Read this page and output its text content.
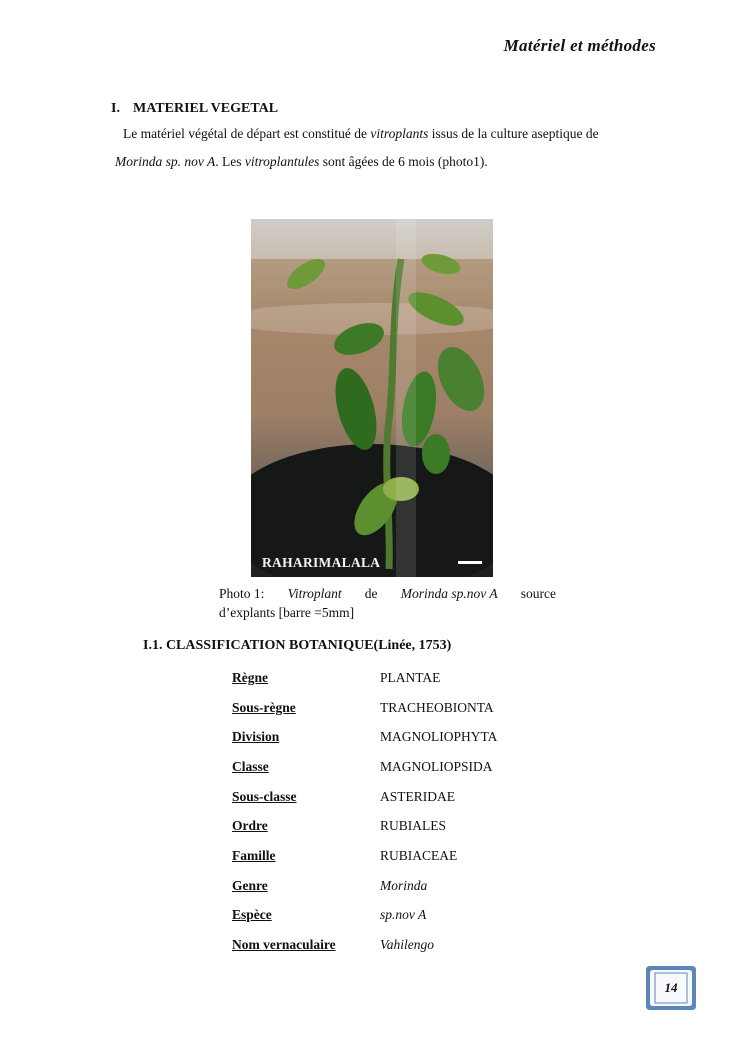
Matériel et méthodes
I. MATERIEL VEGETAL
Le matériel végétal de départ est constitué de vitroplants issus de la culture aseptique de
Morinda sp. nov A. Les vitroplantules sont âgées de 6 mois (photo1).
RAHARIMALALA
Photo 1: Vitroplant de Morinda sp.nov A source
d’explants [barre =5mm]
I.1. CLASSIFICATION BOTANIQUE(Linée, 1753)
Règne	PLANTAE
Sous-règne	TRACHEOBIONTA
Division	MAGNOLIOPHYTA
Classe	MAGNOLIOPSIDA
Sous-classe	ASTERIDAE
Ordre	RUBIALES
Famille	RUBIACEAE
Genre	Morinda
Espèce	sp.nov A
Nom vernaculaire	Vahilengo
14
